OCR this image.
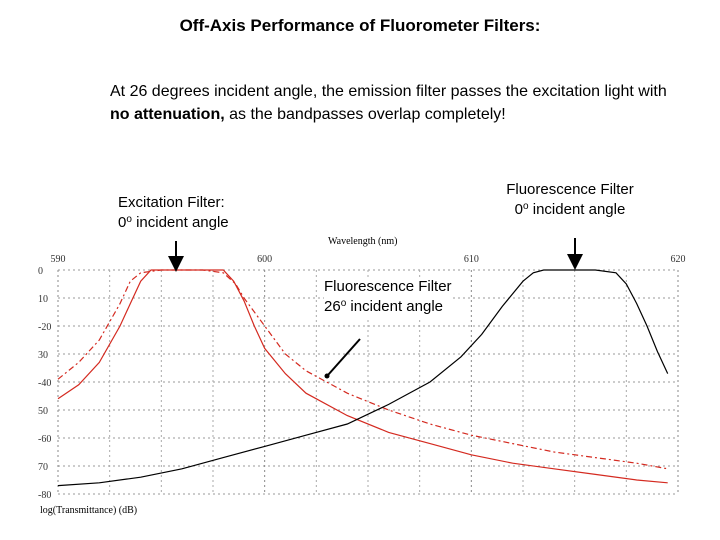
Off-Axis Performance of Fluorometer Filters:
At 26 degrees incident angle, the emission filter passes the excitation light with no attenuation, as the bandpasses overlap completely!
0
10
-20
30
-40
50
-60
70
-80
590	600	610	620
Wavelength (nm)
log(Transmittance) (dB)
Excitation Filter:
0$^o$ incident angle
Fluorescence Filter
0$^o$ incident angle
Fluorescence Filter
26$^o$ incident angle
